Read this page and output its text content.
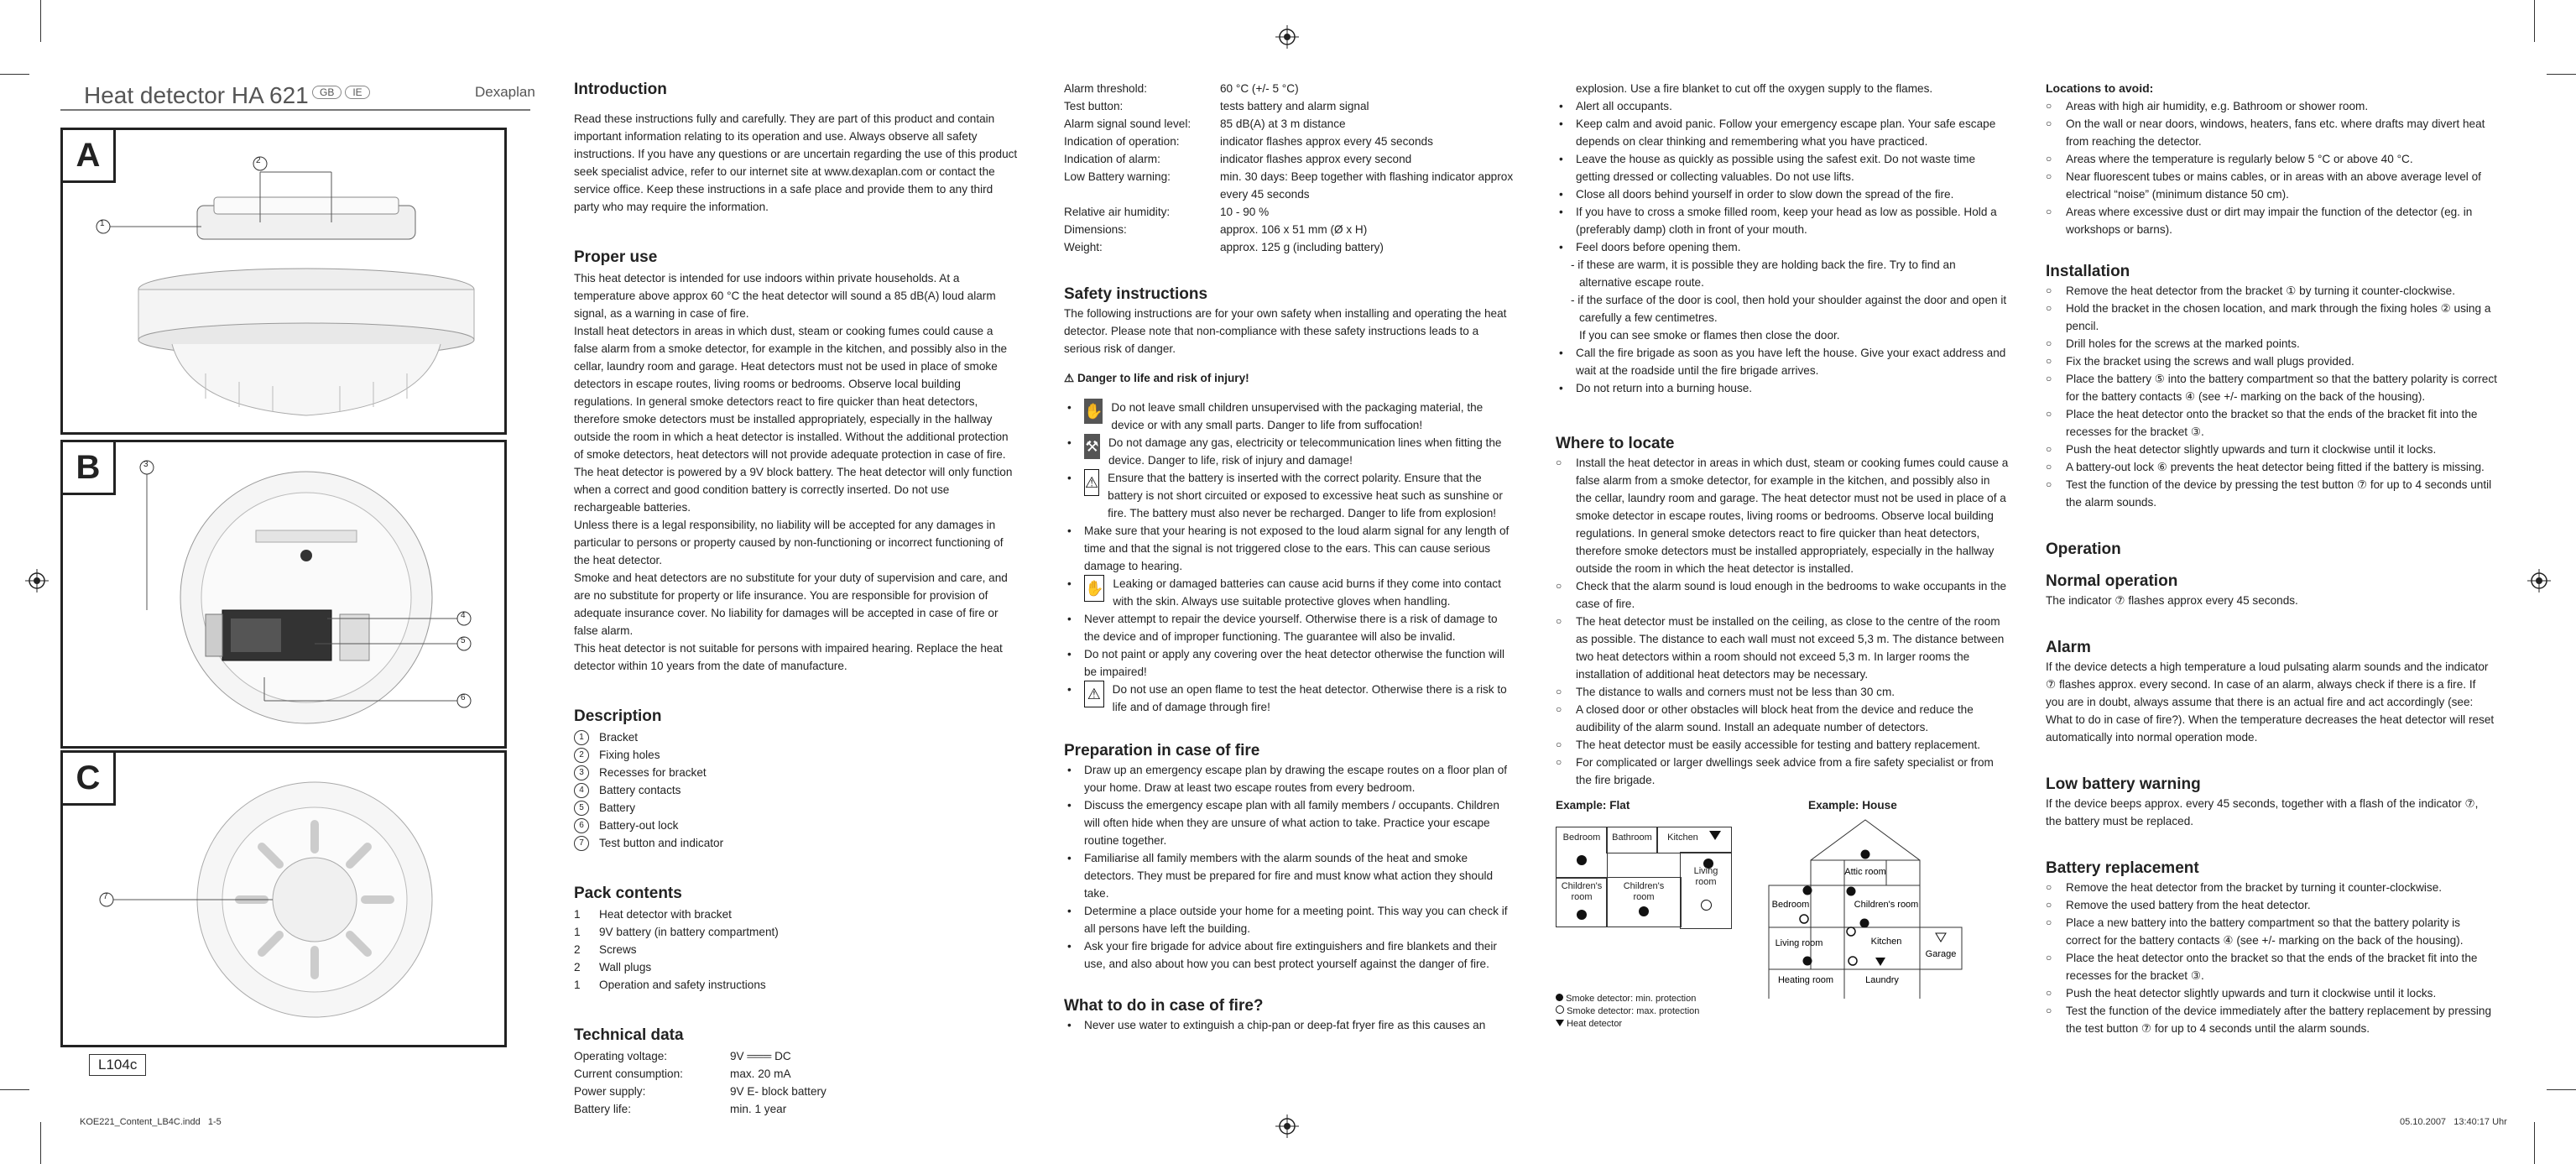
Heat detector HA 621	GB	IE	Dexaplan
A	2
1
B	3
4
5
6
C
7
L104c
KOE221_Content_LB4C.indd   1-5	05.10.2007   13:40:17 Uhr
Introduction

Read these instructions fully and carefully. They are part of this product and contain important information relating to its operation and use. Always observe all safety instructions. If you have any questions or are uncertain regarding the use of this product seek specialist advice, refer to our internet site at www.dexaplan.com or contact the service office. Keep these instructions in a safe place and provide them to any third party who may require the information.

Proper use

This heat detector is intended for use indoors within private households. At a temperature above approx 60 °C the heat detector will sound a 85 dB(A) loud alarm signal, as a warning in case of fire.

Install heat detectors in areas in which dust, steam or cooking fumes could cause a false alarm from a smoke detector, for example in the kitchen, and possibly also in the cellar, laundry room and garage. Heat detectors must not be used in place of smoke detectors in escape routes, living rooms or bedrooms. Observe local building regulations. In general smoke detectors react to fire quicker than heat detectors, therefore smoke detectors must be installed appropriately, especially in the hallway outside the room in which a heat detector is installed. Without the additional protection of smoke detectors, heat detectors will not provide adequate protection in case of fire.

The heat detector is powered by a 9V block battery. The heat detector will only function when a correct and good condition battery is correctly inserted. Do not use rechargeable batteries.

Unless there is a legal responsibility, no liability will be accepted for any damages in particular to persons or property caused by non-functioning or incorrect functioning of the heat detector.

Smoke and heat detectors are no substitute for your duty of supervision and care, and are no substitute for property or life insurance. You are responsible for provision of adequate insurance cover. No liability for damages will be accepted in case of fire or false alarm.

This heat detector is not suitable for persons with impaired hearing. Replace the heat detector within 10 years from the date of manufacture.

Description
1	Bracket
2	Fixing holes
3	Recesses for bracket
4	Battery contacts
5	Battery
6	Battery-out lock
7	Test button and indicator
Pack contents
1	Heat detector with bracket
1	9V battery (in battery compartment)
2	Screws
2	Wall plugs
1	Operation and safety instructions
Technical data
Operating voltage:	9V ═══ DC
Current consumption:	max. 20 mA
Power supply:	9V E- block battery
Battery life:	min. 1 year
Alarm threshold:	60 °C (+/- 5 °C)
Test button:	tests battery and alarm signal
Alarm signal sound level:	85 dB(A) at 3 m distance
Indication of operation:	indicator flashes approx every 45 seconds
Indication of alarm:	indicator flashes approx every second
Low Battery warning:	min. 30 days: Beep together with flashing indicator approx every 45 seconds
Relative air humidity:	10 - 90 %
Dimensions:	approx. 106 x 51 mm (Ø x H)
Weight:	approx. 125 g (including battery)
Safety instructions

The following instructions are for your own safety when installing and operating the heat detector. Please note that non-compliance with these safety instructions leads to a serious risk of danger.

⚠ Danger to life and risk of injury!

• ✋ Do not leave small children unsupervised with the packaging material, the device or with any small parts. Danger to life from suffocation!
• ⚒ Do not damage any gas, electricity or telecommunication lines when fitting the device. Danger to life, risk of injury and damage!
• ⚠ Ensure that the battery is inserted with the correct polarity. Ensure that the battery is not short circuited or exposed to excessive heat such as sunshine or fire. The battery must also never be recharged. Danger to life from explosion!
• Make sure that your hearing is not exposed to the loud alarm signal for any length of time and that the signal is not triggered close to the ears. This can cause serious damage to hearing.
• ✋ Leaking or damaged batteries can cause acid burns if they come into contact with the skin. Always use suitable protective gloves when handling.
• Never attempt to repair the device yourself. Otherwise there is a risk of damage to the device and of improper functioning. The guarantee will also be invalid.
• Do not paint or apply any covering over the heat detector otherwise the function will be impaired!
• ⚠ Do not use an open flame to test the heat detector. Otherwise there is a risk to life and of damage through fire!
Preparation in case of fire
• Draw up an emergency escape plan by drawing the escape routes on a floor plan of your home. Draw at least two escape routes from every bedroom.
• Discuss the emergency escape plan with all family members / occupants. Children will often hide when they are unsure of what action to take. Practice your escape routine together.
• Familiarise all family members with the alarm sounds of the heat and smoke detectors. They must be prepared for fire and must know what action they should take.
• Determine a place outside your home for a meeting point. This way you can check if all persons have left the building.
• Ask your fire brigade for advice about fire extinguishers and fire blankets and their use, and also about how you can best protect yourself against the danger of fire.
What to do in case of fire?
• Never use water to extinguish a chip-pan or deep-fat fryer fire as this causes an
explosion. Use a fire blanket to cut off the oxygen supply to the flames.
• Alert all occupants.
• Keep calm and avoid panic. Follow your emergency escape plan. Your safe escape depends on clear thinking and remembering what you have practiced.
• Leave the house as quickly as possible using the safest exit. Do not waste time getting dressed or collecting valuables. Do not use lifts.
• Close all doors behind yourself in order to slow down the spread of the fire.
• If you have to cross a smoke filled room, keep your head as low as possible. Hold a (preferably damp) cloth in front of your mouth.
• Feel doors before opening them.
- if these are warm, it is possible they are holding back the fire. Try to find an alternative escape route.
- if the surface of the door is cool, then hold your shoulder against the door and open it carefully a few centimetres.
If you can see smoke or flames then close the door.
• Call the fire brigade as soon as you have left the house. Give your exact address and wait at the roadside until the fire brigade arrives.
• Do not return into a burning house.
Where to locate
○ Install the heat detector in areas in which dust, steam or cooking fumes could cause a false alarm from a smoke detector, for example in the kitchen, and possibly also in the cellar, laundry room and garage. The heat detector must not be used in place of a smoke detector in escape routes, living rooms or bedrooms. Observe local building regulations. In general smoke detectors react to fire quicker than heat detectors, therefore smoke detectors must be installed appropriately, especially in the hallway outside the room in which the heat detector is installed.
○ Check that the alarm sound is loud enough in the bedrooms to wake occupants in the case of fire.
○ The heat detector must be installed on the ceiling, as close to the centre of the room as possible. The distance to each wall must not exceed 5,3 m. The distance between two heat detectors within a room should not exceed 5,3 m. In larger rooms the installation of additional heat detectors may be necessary.
○ The distance to walls and corners must not be less than 30 cm.
○ A closed door or other obstacles will block heat from the device and reduce the audibility of the alarm sound. Install an adequate number of detectors.
○ The heat detector must be easily accessible for testing and battery replacement.
○ For complicated or larger dwellings seek advice from a fire safety specialist or from the fire brigade.
Example: Flat	Example: House
Bedroom	Bathroom	Kitchen
Living room
Children's room
Children's room
Attic room
Bedroom	Children's room
Living room	Kitchen
Garage
Heating room	Laundry
Smoke detector: min. protection
Smoke detector: max. protection
Heat detector
Locations to avoid:
○ Areas with high air humidity, e.g. Bathroom or shower room.
○ On the wall or near doors, windows, heaters, fans etc. where drafts may divert heat from reaching the detector.
○ Areas where the temperature is regularly below 5 °C or above 40 °C.
○ Near fluorescent tubes or mains cables, or in areas with an above average level of electrical “noise” (minimum distance 50 cm).
○ Areas where excessive dust or dirt may impair the function of the detector (eg. in workshops or barns).
Installation
○ Remove the heat detector from the bracket ① by turning it counter-clockwise.
○ Hold the bracket in the chosen location, and mark through the fixing holes ② using a pencil.
○ Drill holes for the screws at the marked points.
○ Fix the bracket using the screws and wall plugs provided.
○ Place the battery ⑤ into the battery compartment so that the battery polarity is correct for the battery contacts ④ (see +/- marking on the back of the housing).
○ Place the heat detector onto the bracket so that the ends of the bracket fit into the recesses for the bracket ③.
○ Push the heat detector slightly upwards and turn it clockwise until it locks.
○ A battery-out lock ⑥ prevents the heat detector being fitted if the battery is missing.
○ Test the function of the device by pressing the test button ⑦ for up to 4 seconds until the alarm sounds.
Operation
Normal operation

The indicator ⑦ flashes approx every 45 seconds.

Alarm

If the device detects a high temperature a loud pulsating alarm sounds and the indicator ⑦ flashes approx. every second. In case of an alarm, always check if there is a fire. If you are in doubt, always assume that there is an actual fire and act accordingly (see: What to do in case of fire?). When the temperature decreases the heat detector will reset automatically into normal operation mode.

Low battery warning

If the device beeps approx. every 45 seconds, together with a flash of the indicator ⑦, the battery must be replaced.

Battery replacement
○ Remove the heat detector from the bracket by turning it counter-clockwise.
○ Remove the used battery from the heat detector.
○ Place a new battery into the battery compartment so that the battery polarity is correct for the battery contacts ④ (see +/- marking on the back of the housing).
○ Place the heat detector onto the bracket so that the ends of the bracket fit into the recesses for the bracket ③.
○ Push the heat detector slightly upwards and turn it clockwise until it locks.
○ Test the function of the device immediately after the battery replacement by pressing the test button ⑦ for up to 4 seconds until the alarm sounds.
